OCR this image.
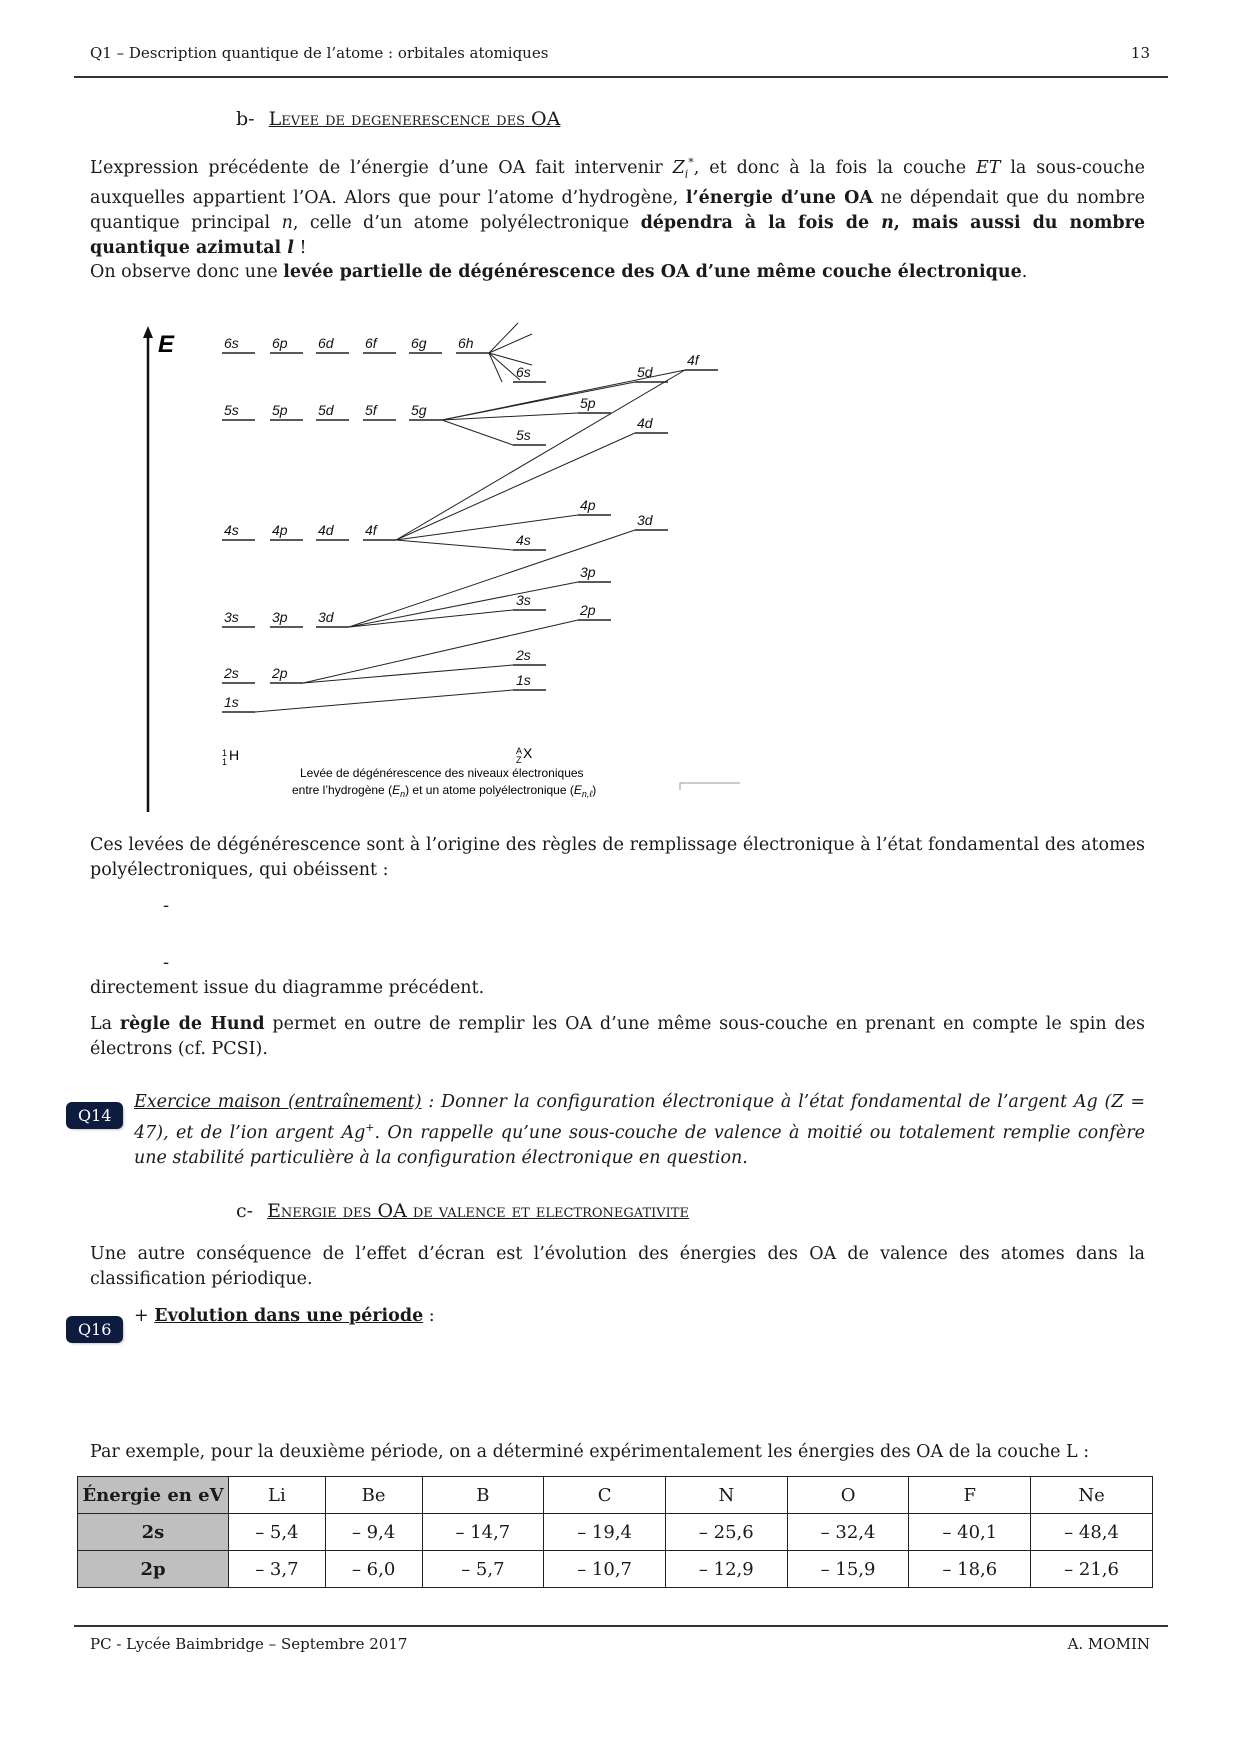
Q1 – Description quantique de l’atome : orbitales atomiques	13
b- Levee de degenerescence des OA
L’expression précédente de l’énergie d’une OA fait intervenir $Z_i^*$, et donc à la fois la couche ET la sous-couche auxquelles appartient l’OA. Alors que pour l’atome d’hydrogène, l’énergie d’une OA ne dépendait que du nombre quantique principal n, celle d’un atome polyélectronique dépendra à la fois de n, mais aussi du nombre quantique azimutal l !
On observe donc une levée partielle de dégénérescence des OA d’une même couche électronique.
E	6s 6p 6d 6f 6g 6h
5s 5p 5d 5f 5g
4s 4p 4d 4f
3s 3p 3d
2s 2p
1s
6s	5d
4f
5p
5s
4d
4p
3d
4s
3p
3s
2p
2s
1s
$^1$ 1 H	$^A$ Z X
Levée de dégénérescence des niveaux électroniques
entre l’hydrogène $(E_n)$ et un atome polyélectronique $(E_{n,\ell})$
Ces levées de dégénérescence sont à l’origine des règles de remplissage électronique à l’état fondamental des atomes polyélectroniques, qui obéissent :
-
-
directement issue du diagramme précédent.
La règle de Hund permet en outre de remplir les OA d’une même sous-couche en prenant en compte le spin des électrons (cf. PCSI).
Q14
Exercice maison (entraînement) : Donner la configuration électronique à l’état fondamental de l’argent Ag (Z = 47), et de l’ion argent Ag+. On rappelle qu’une sous-couche de valence à moitié ou totalement remplie confère une stabilité particulière à la configuration électronique en question.
c- Energie des OA de valence et electronegativite
Une autre conséquence de l’effet d’écran est l’évolution des énergies des OA de valence des atomes dans la classification périodique.
Q16
+ Evolution dans une période :
Par exemple, pour la deuxième période, on a déterminé expérimentalement les énergies des OA de la couche L :
Énergie en eV	Li	Be	B	C	N	O	F	Ne
2s	– 5,4	– 9,4	– 14,7	– 19,4	– 25,6	– 32,4	– 40,1	– 48,4
2p	– 3,7	– 6,0	– 5,7	– 10,7	– 12,9	– 15,9	– 18,6	– 21,6
PC - Lycée Baimbridge – Septembre 2017	A. MOMIN
